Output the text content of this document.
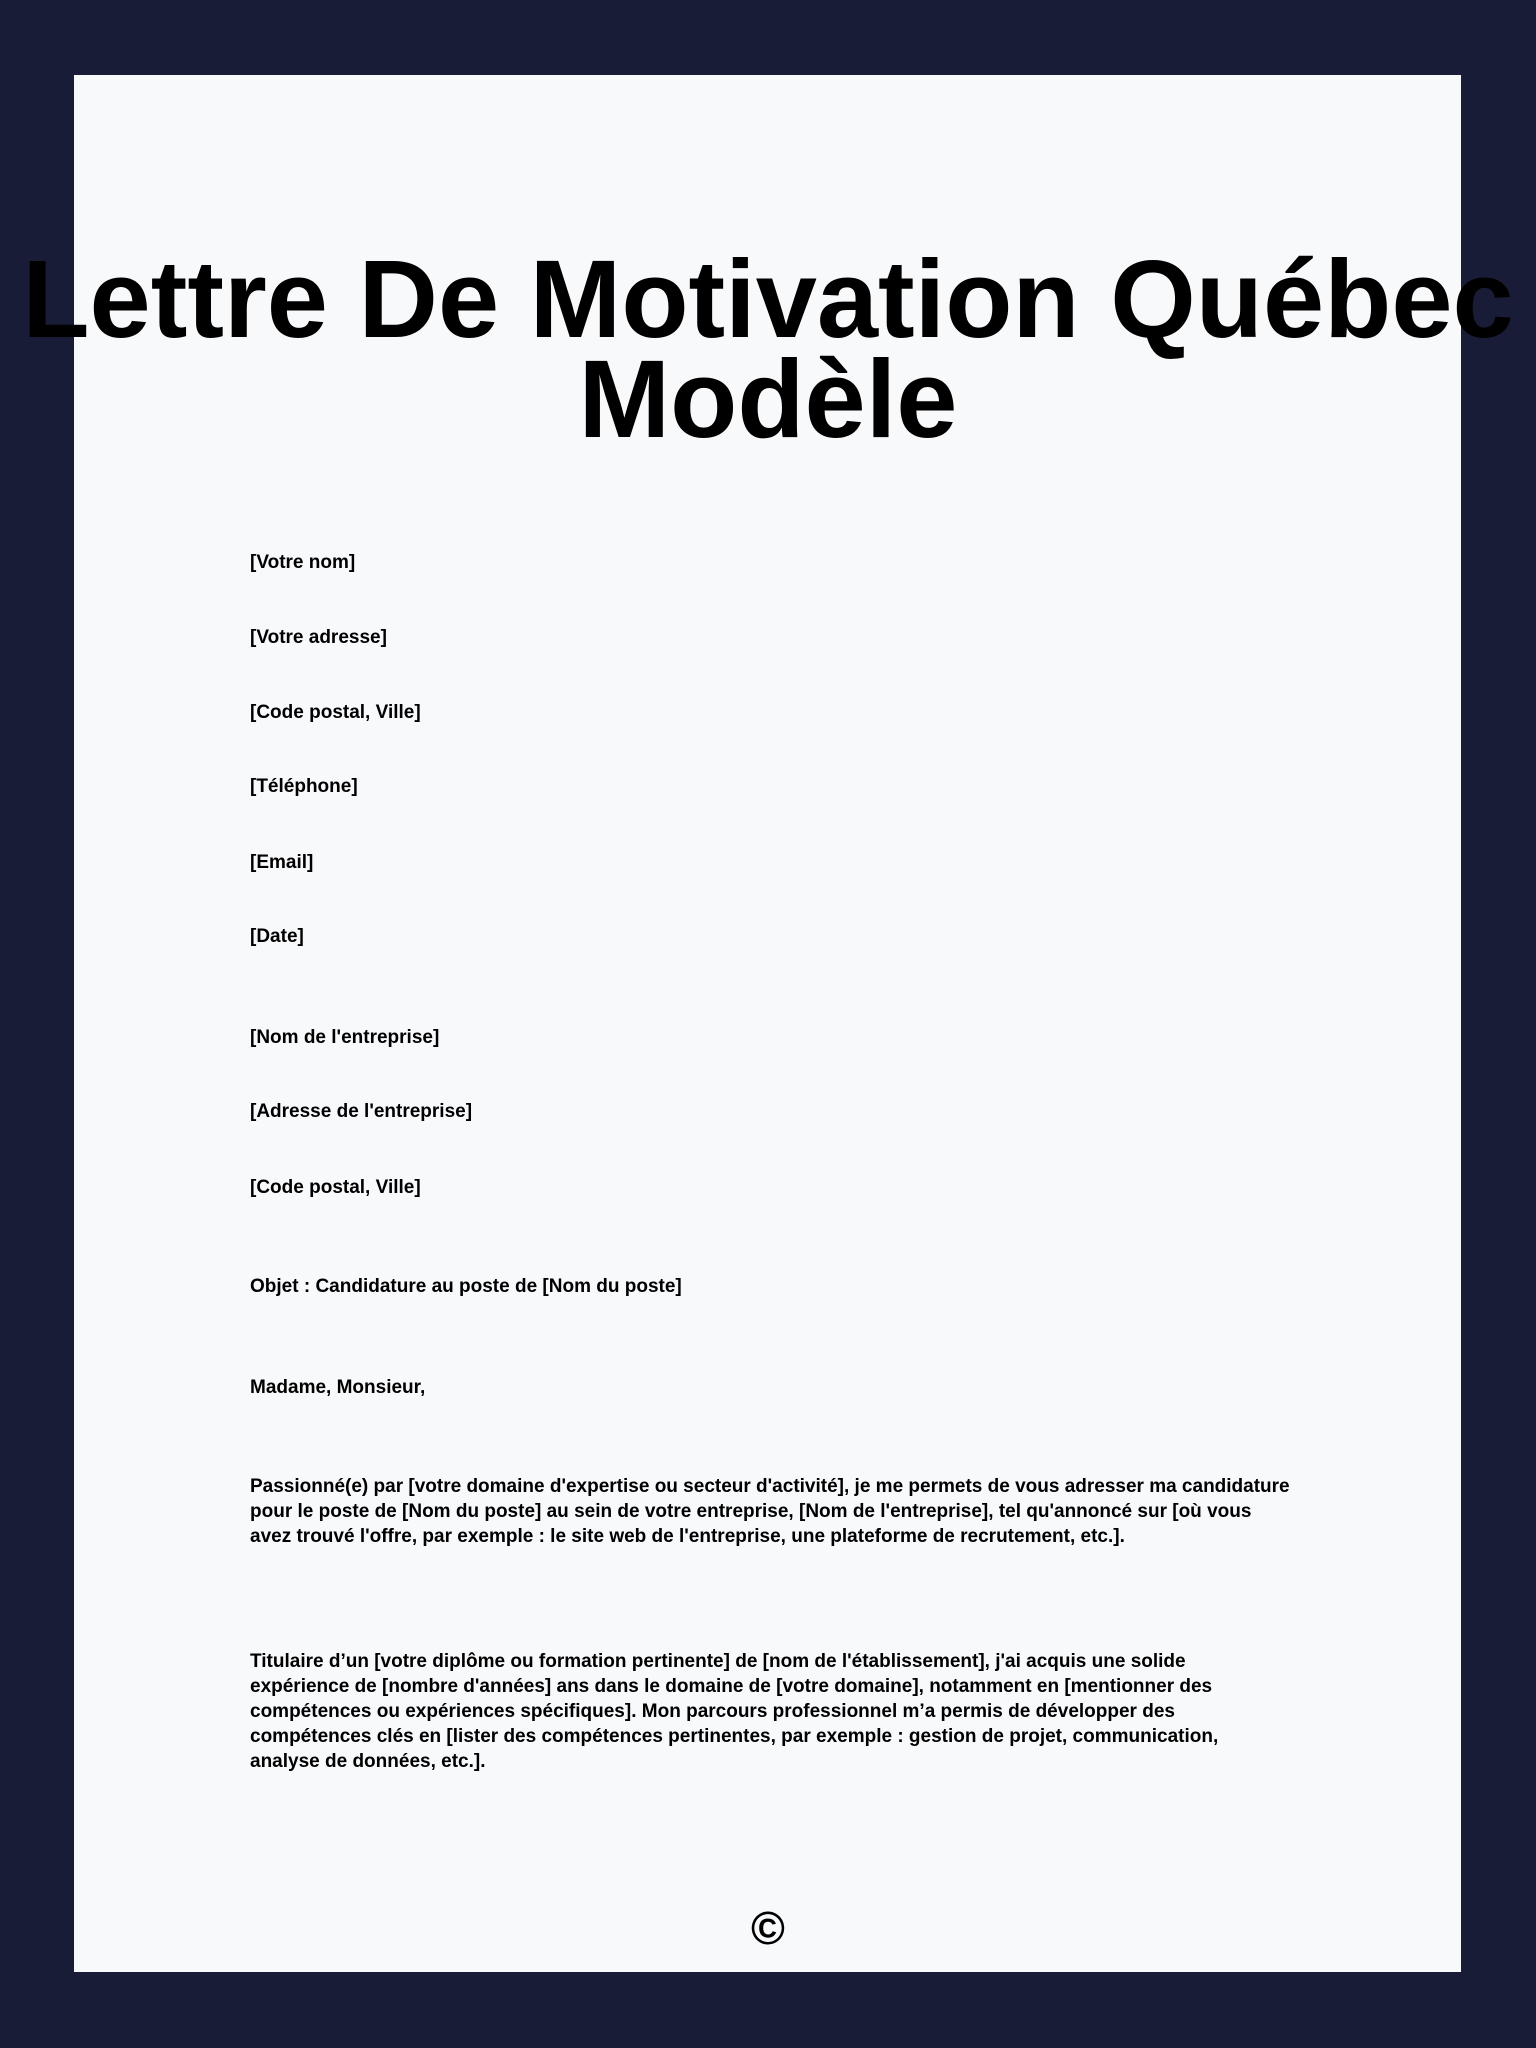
Lettre De Motivation Québec Modèle
[Votre nom]
[Votre adresse]
[Code postal, Ville]
[Téléphone]
[Email]
[Date]
[Nom de l'entreprise]
[Adresse de l'entreprise]
[Code postal, Ville]
Objet : Candidature au poste de [Nom du poste]
Madame, Monsieur,
Passionné(e) par [votre domaine d'expertise ou secteur d'activité], je me permets de vous adresser ma candidature pour le poste de [Nom du poste] au sein de votre entreprise, [Nom de l'entreprise], tel qu'annoncé sur [où vous avez trouvé l'offre, par exemple : le site web de l'entreprise, une plateforme de recrutement, etc.].
Titulaire d’un [votre diplôme ou formation pertinente] de [nom de l'établissement], j'ai acquis une solide expérience de [nombre d'années] ans dans le domaine de [votre domaine], notamment en [mentionner des compétences ou expériences spécifiques]. Mon parcours professionnel m’a permis de développer des compétences clés en [lister des compétences pertinentes, par exemple : gestion de projet, communication, analyse de données, etc.].
©
